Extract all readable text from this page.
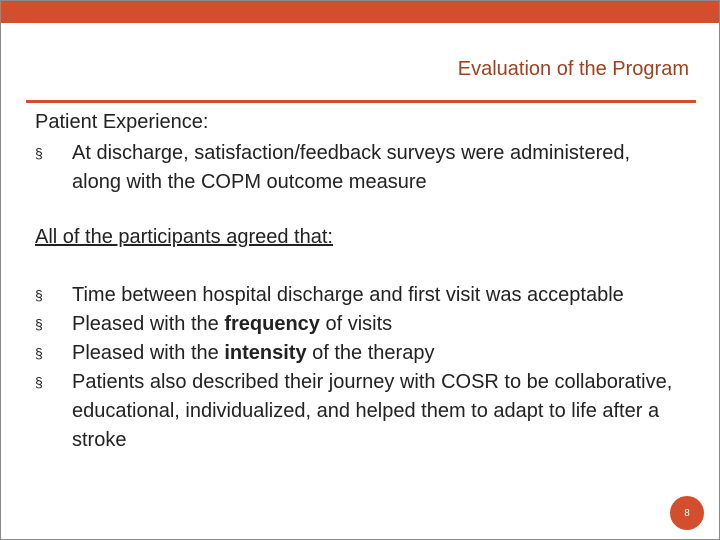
Evaluation of the Program
Patient Experience:
§	At discharge, satisfaction/feedback surveys were administered, along with the COPM outcome measure
All of the participants agreed that:
§	Time between hospital discharge and first visit was acceptable
§	Pleased with the frequency of visits
§	Pleased with the intensity of the therapy
§	Patients also described their journey with COSR to be collaborative, educational, individualized, and helped them to adapt to life after a stroke
8
